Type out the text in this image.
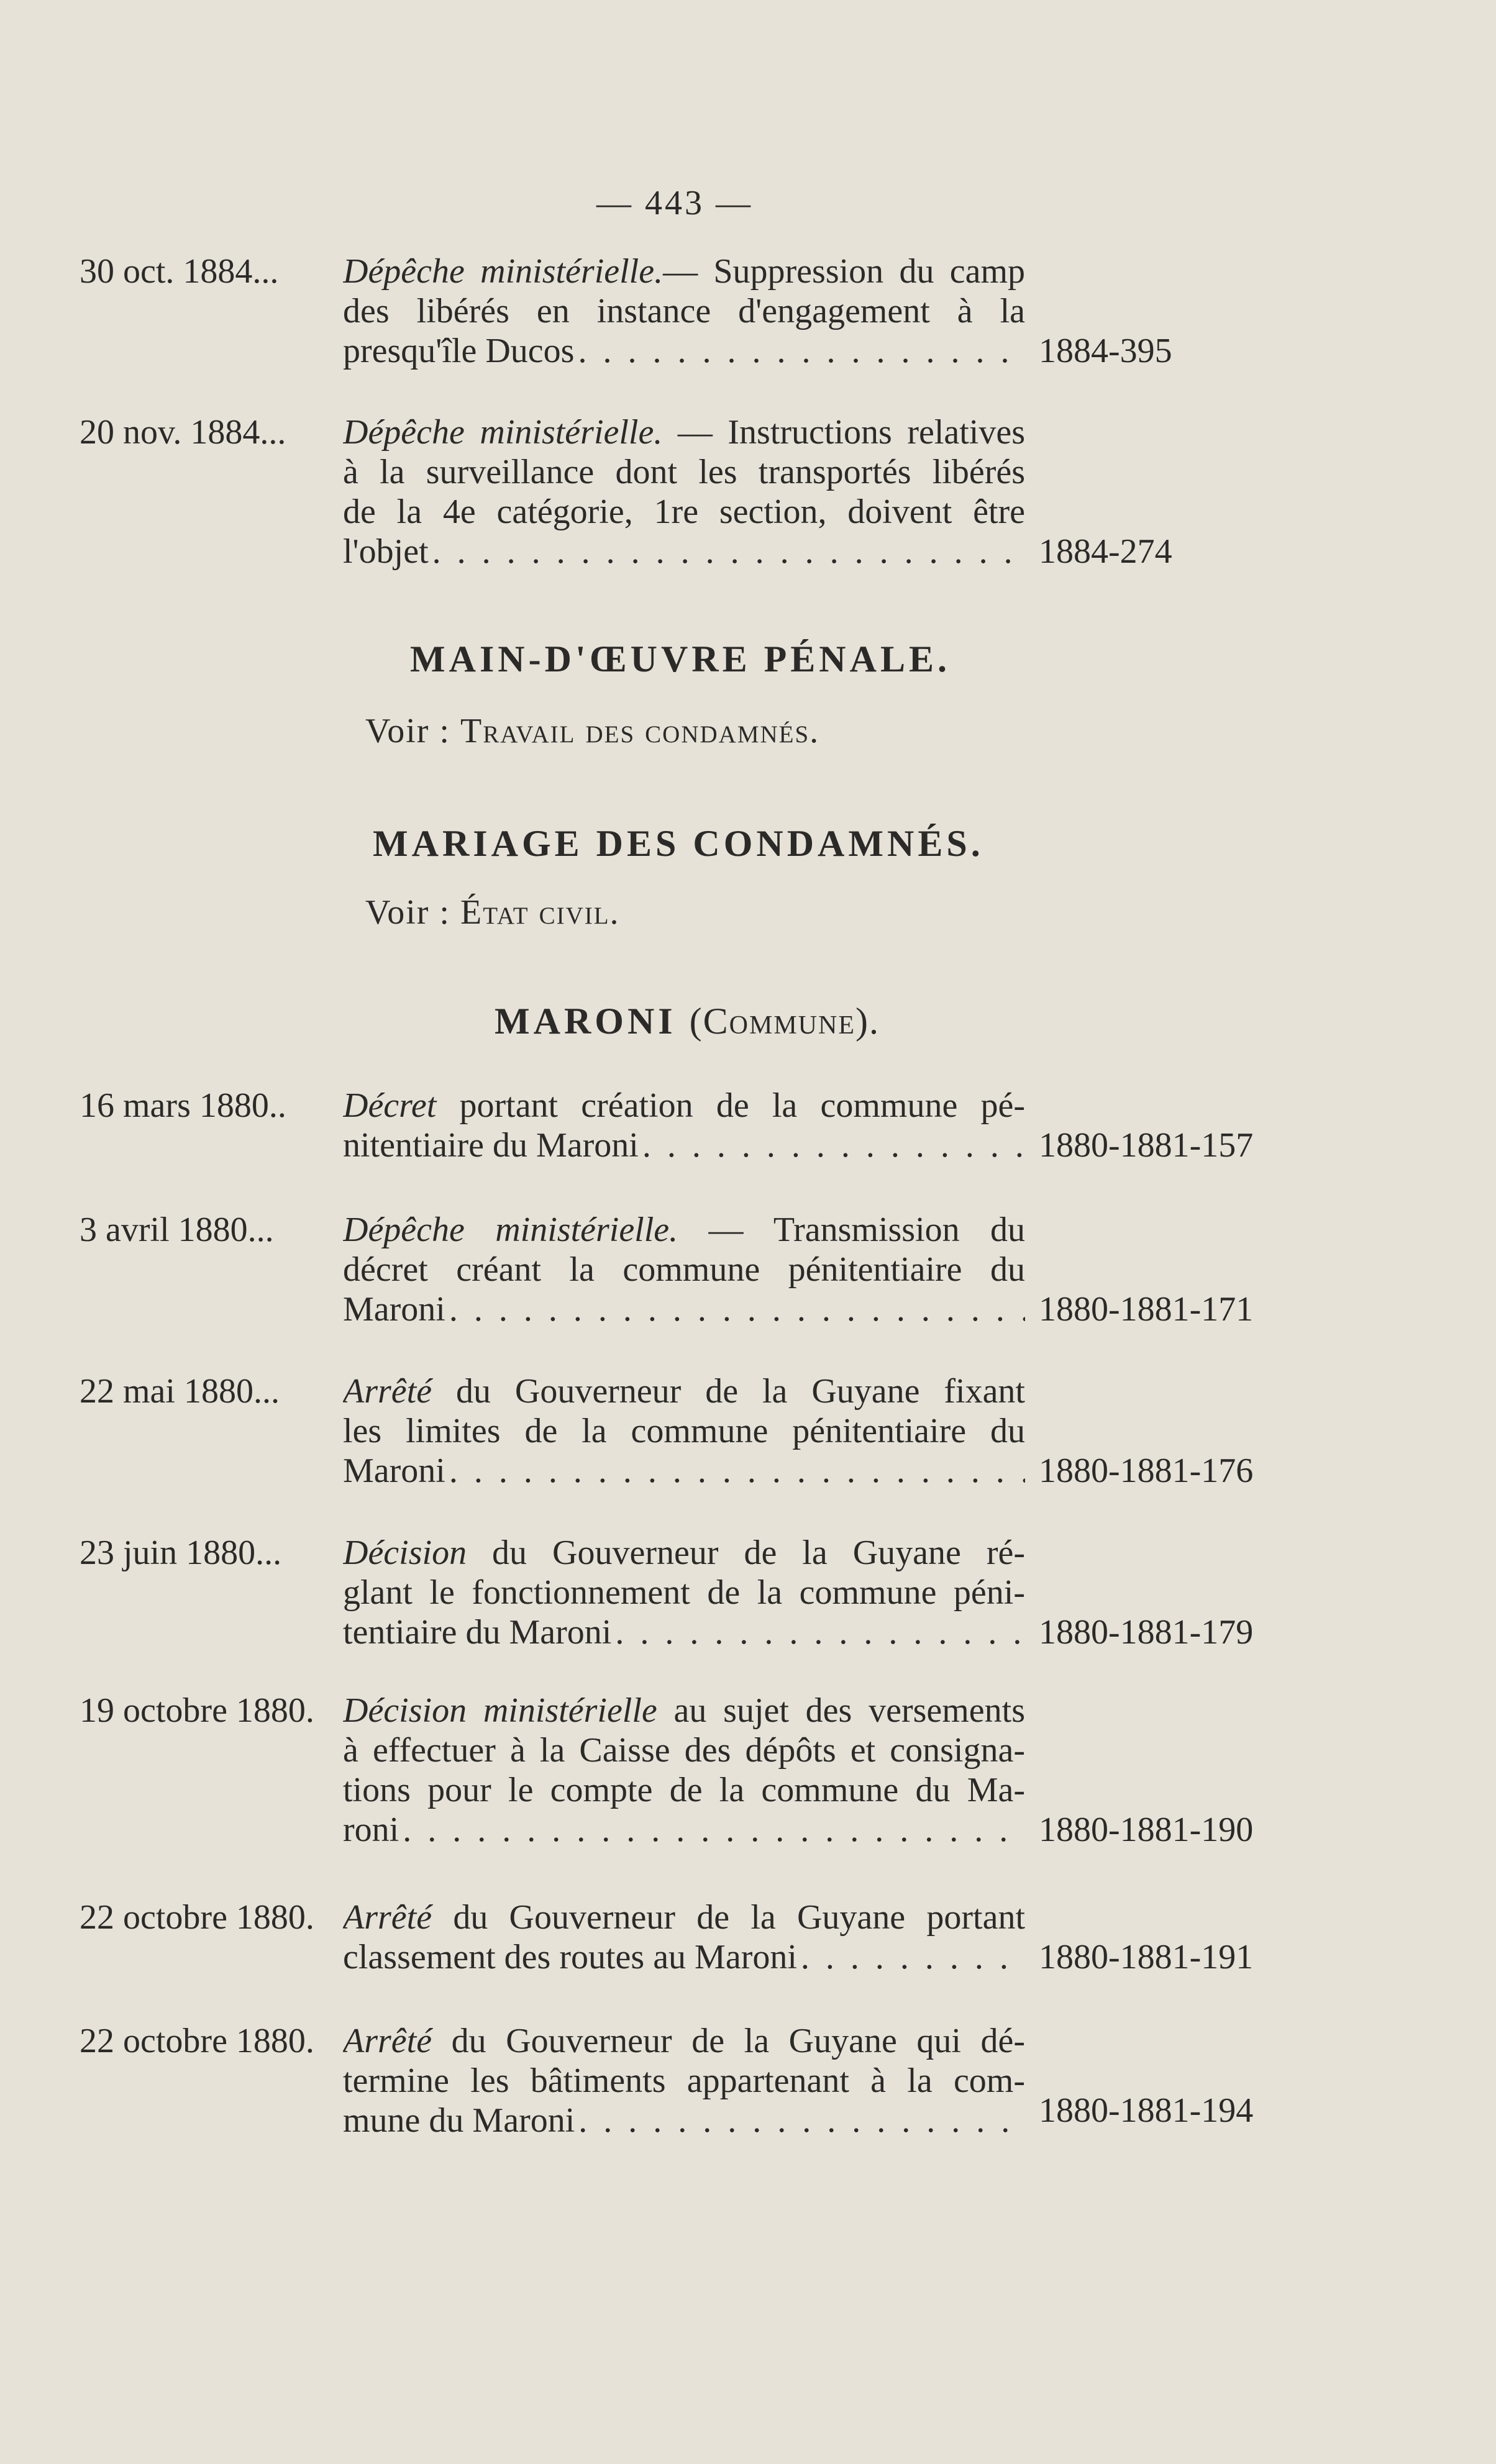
— 443 —
30 oct. 1884... Dépêche ministérielle.— Suppression du camp
des libérés en instance d'engagement à la
presqu'île Ducos . . .	1884-395
20 nov. 1884... Dépêche ministérielle. — Instructions relatives
à la surveillance dont les transportés libérés
de la 4e catégorie, 1re section, doivent être
l'objet . . .	1884-274
MAIN-D'ŒUVRE PÉNALE.
Voir : Travail des condamnés.
MARIAGE DES CONDAMNÉS.
Voir : État civil.
MARONI (Commune).
16 mars 1880.. Décret portant création de la commune pé-
nitentiaire du Maroni . . .	1880-1881-157
3 avril 1880... Dépêche ministérielle. — Transmission du
décret créant la commune pénitentiaire du
Maroni . . .	1880-1881-171
22 mai 1880... Arrêté du Gouverneur de la Guyane fixant
les limites de la commune pénitentiaire du
Maroni . . .	1880-1881-176
23 juin 1880... Décision du Gouverneur de la Guyane ré-
glant le fonctionnement de la commune péni-
tentiaire du Maroni . . .	1880-1881-179
19 octobre 1880. Décision ministérielle au sujet des versements
à effectuer à la Caisse des dépôts et consigna-
tions pour le compte de la commune du Ma-
roni . . .	1880-1881-190
22 octobre 1880. Arrêté du Gouverneur de la Guyane portant
classement des routes au Maroni . . .	1880-1881-191
22 octobre 1880. Arrêté du Gouverneur de la Guyane qui dé-
termine les bâtiments appartenant à la com-
mune du Maroni . . .	1880-1881-194
